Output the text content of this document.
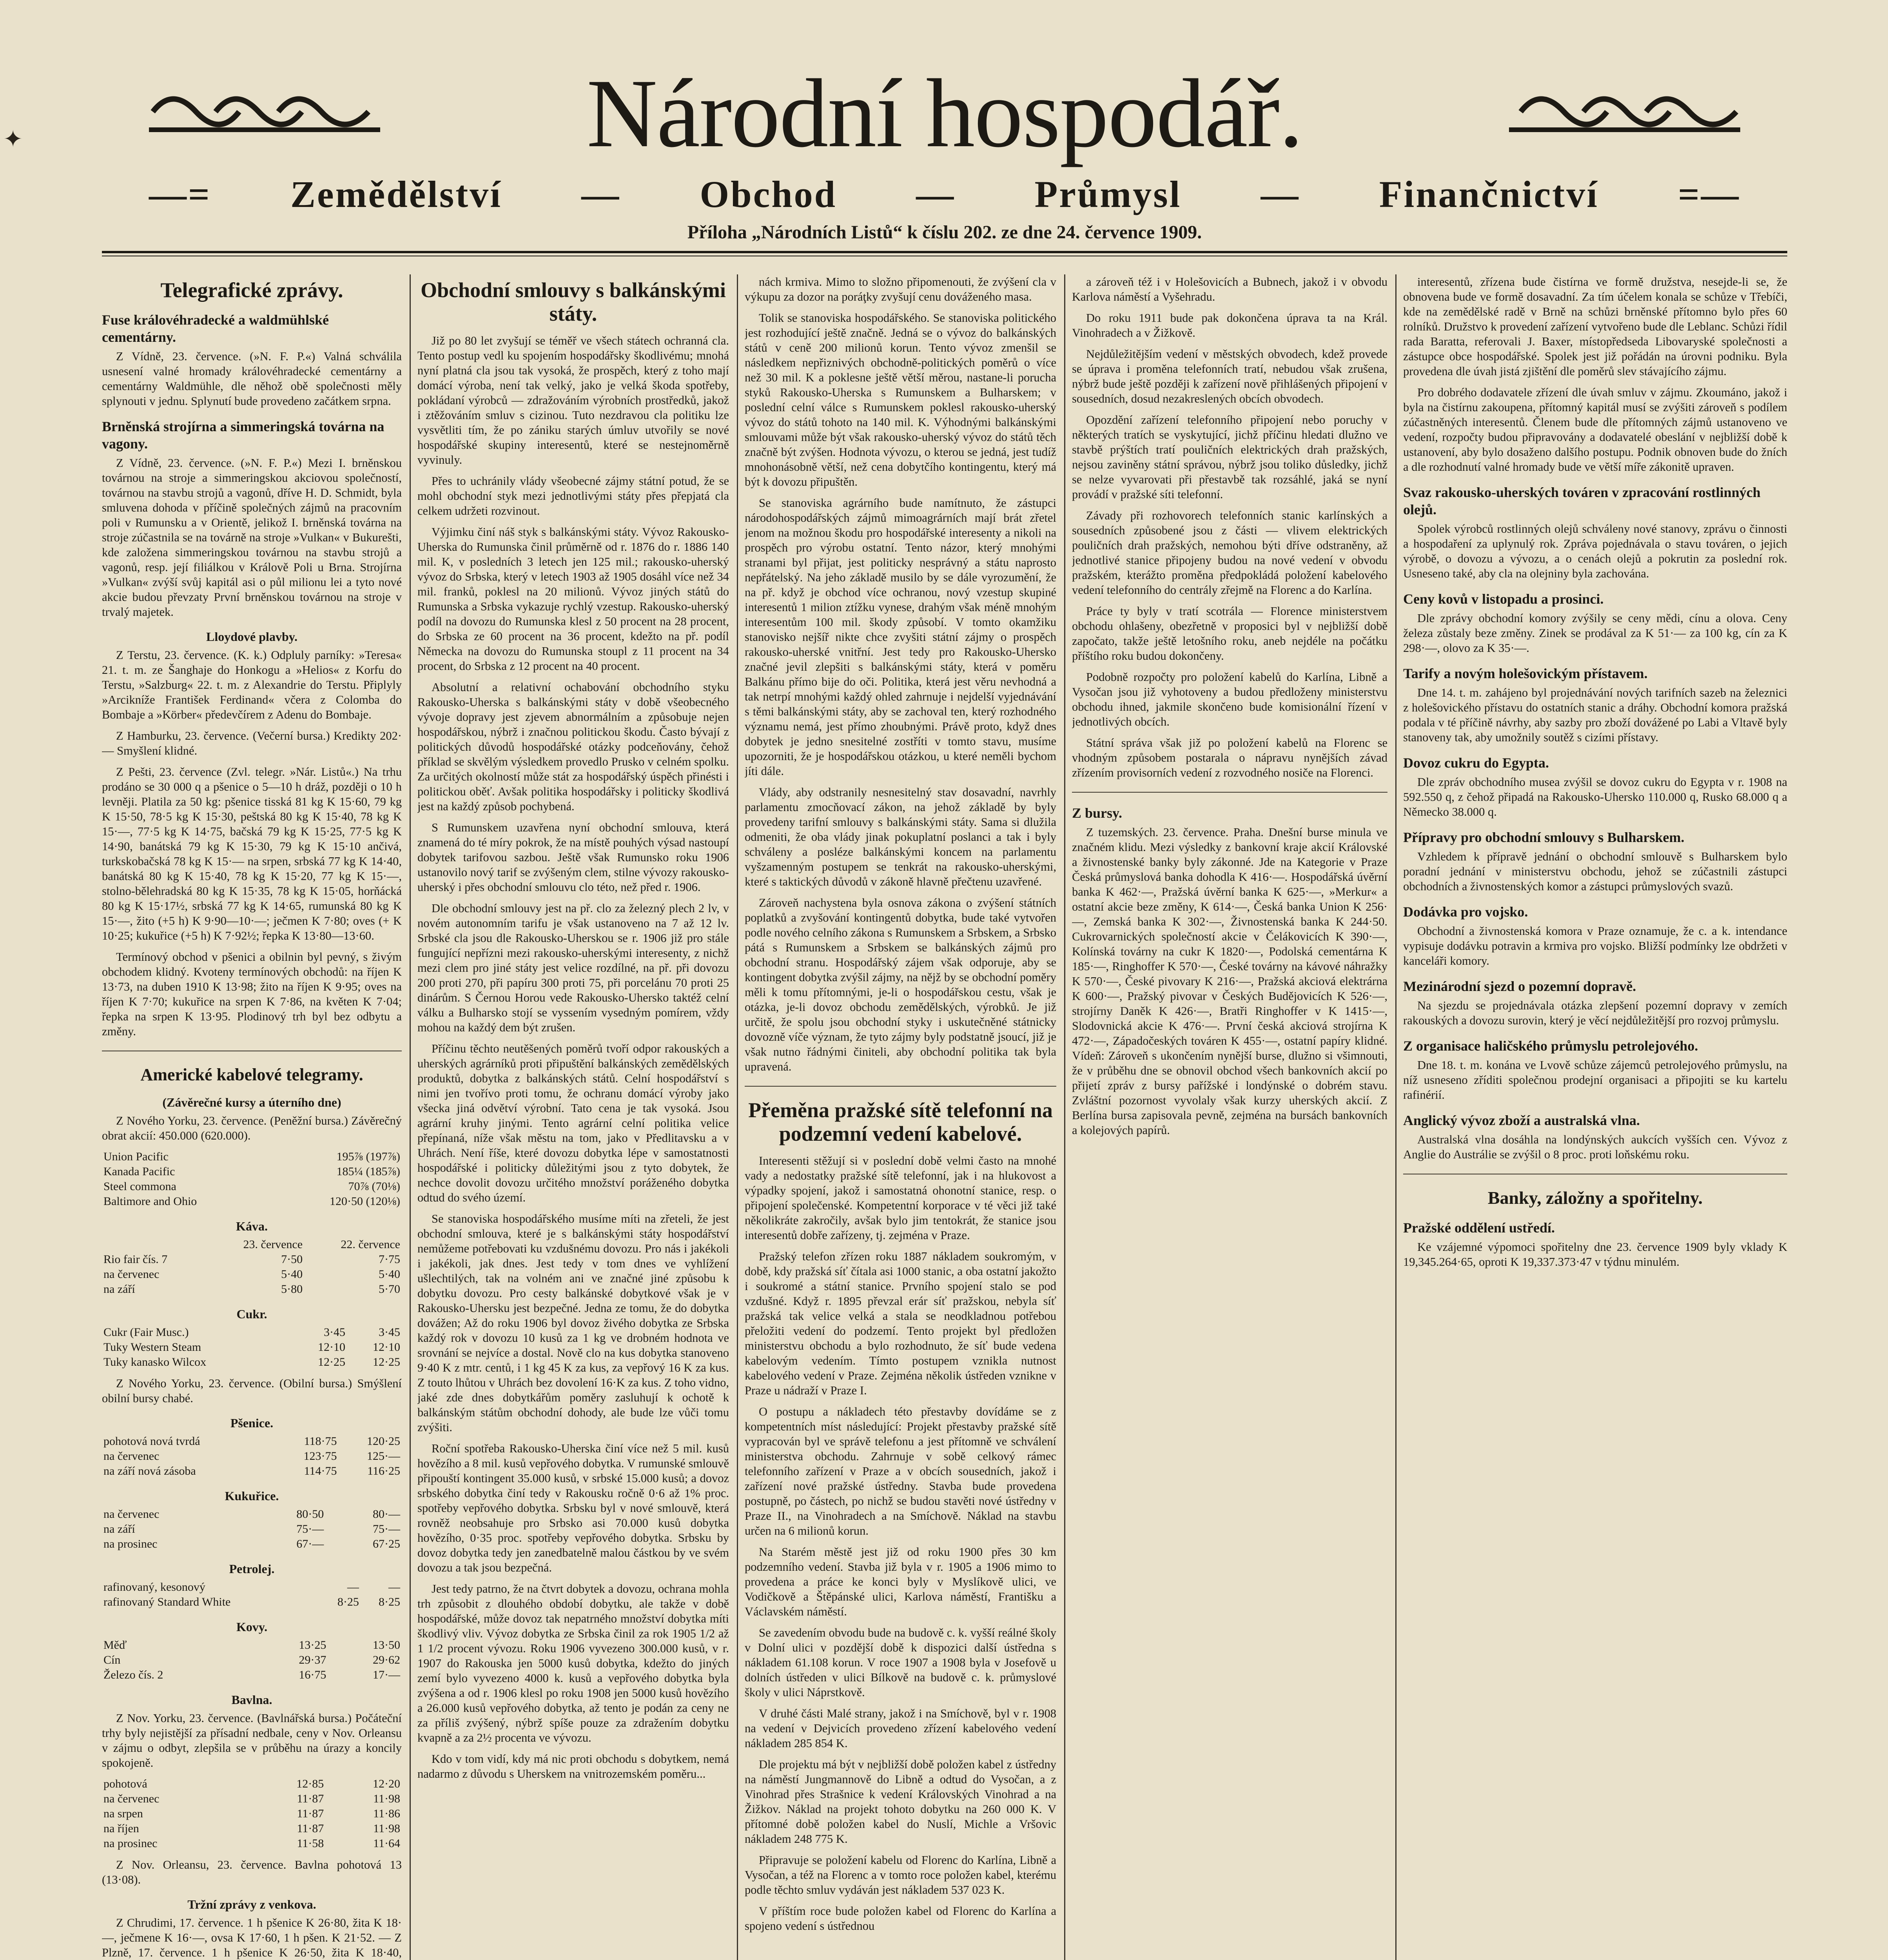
✦	Národní hospodář.
—⁠= Zemědělství — Obchod — Průmysl — Finančnictví =⁠—
Příloha „Národních Listů“ k číslu 202. ze dne 24. července 1909.
Telegrafické zprávy.
Fuse královéhradecké a waldmühlské cementárny.

Z Vídně, 23. července. (»N. F. P.«) Valná schválila usnesení valné hromady královéhradecké cementárny a cementárny Waldmühle, dle něhož obě společnosti měly splynouti v jednu. Splynutí bude provedeno začátkem srpna.

Brněnská strojírna a simmeringská továrna na vagony.

Z Vídně, 23. července. (»N. F. P.«) Mezi I. brněnskou továrnou na stroje a simmeringskou akciovou společností, továrnou na stavbu strojů a vagonů, dříve H. D. Schmidt, byla smluvena dohoda v příčině společných zájmů na pracovním poli v Rumunsku a v Orientě, jelikož I. brněnská továrna na stroje zúčastnila se na továrně na stroje »Vulkan« v Bukurešti, kde založena simmeringskou továrnou na stavbu strojů a vagonů, resp. její filiálkou v Králově Poli u Brna. Strojírna »Vulkan« zvýší svůj kapitál asi o půl milionu lei a tyto nové akcie budou převzaty První brněnskou továrnou na stroje v trvalý majetek.

Lloydové plavby.

Z Terstu, 23. července. (K. k.) Odpluly parníky: »Teresa« 21. t. m. ze Šanghaje do Honkogu a »Helios« z Korfu do Terstu, »Salzburg« 22. t. m. z Alexandrie do Terstu. Připlyly »Arcikníže František Ferdinand« včera z Colomba do Bombaje a »Körber« předevčírem z Adenu do Bombaje.

Z Hamburku, 23. července. (Večerní bursa.) Kredikty 202·— Smyšlení klidné.

Z Pešti, 23. července (Zvl. telegr. »Nár. Listů«.) Na trhu prodáno se 30 000 q a pšenice o 5—10 h dráž, později o 10 h levněji. Platila za 50 kg: pšenice tisská 81 kg K 15·60, 79 kg K 15·50, 78·5 kg K 15·30, peštská 80 kg K 15·40, 78 kg K 15·—, 77·5 kg K 14·75, bačská 79 kg K 15·25, 77·5 kg K 14·90, banátská 79 kg K 15·30, 79 kg K 15·10 ančivá, turkskobačská 78 kg K 15·— na srpen, srbská 77 kg K 14·40, banátská 80 kg K 15·40, 78 kg K 15·20, 77 kg K 15·—, stolno-bělehradská 80 kg K 15·35, 78 kg K 15·05, horňácká 80 kg K 15·17½, srbská 77 kg K 14·65, rumunská 80 kg K 15·—, žito (+5 h) K 9·90—10·—; ječmen K 7·80; oves (+ K 10·25; kukuřice (+5 h) K 7·92½; řepka K 13·80—13·60.

Termínový obchod v pšenici a obilnin byl pevný, s živým obchodem klidný. Kvoteny termínových obchodů: na říjen K 13·73, na duben 1910 K 13·98; žito na říjen K 9·95; oves na říjen K 7·70; kukuřice na srpen K 7·86, na květen K 7·04; řepka na srpen K 13·95. Plodinový trh byl bez odbytu a změny.

Americké kabelové telegramy.
(Závěrečné kursy a úterního dne)

Z Nového Yorku, 23. července. (Peněžní bursa.) Závěrečný obrat akcií: 450.000 (620.000).

Union Pacific	195⅞ (197⅞)
Kanada Pacific	185¼ (185⅞)
Steel commona	70⅞ (70⅛)
Baltimore and Ohio	120·50 (120⅛)
Káva.
	23. července	22. července
Rio fair čís. 7	7·50	7·75
na červenec	5·40	5·40
na září	5·80	5·70
Cukr.
Cukr (Fair Musc.)	3·45	3·45
Tuky Western Steam	12·10	12·10
Tuky kanasko Wilcox	12·25	12·25

Z Nového Yorku, 23. července. (Obilní bursa.) Smýšlení obilní bursy chabé.

Pšenice.
pohotová nová tvrdá	118·75	120·25
na červenec	123·75	125·—
na září nová zásoba	114·75	116·25
Kukuřice.
na červenec	80·50	80·—
na září	75·—	75·—
na prosinec	67·—	67·25
Petrolej.
rafinovaný, kesonový	—	—
rafinovaný Standard White	8·25	8·25
Kovy.
Měď	13·25	13·50
Cín	29·37	29·62
Železo čís. 2	16·75	17·—
Bavlna.

Z Nov. Yorku, 23. července. (Bavlnářská bursa.) Počáteční trhy byly nejistější za přísadní nedbale, ceny v Nov. Orleansu v zájmu o odbyt, zlepšila se v průběhu na úrazy a koncily spokojeně.

pohotová	12·85	12·20
na červenec	11·87	11·98
na srpen	11·87	11·86
na říjen	11·87	11·98
na prosinec	11·58	11·64

Z Nov. Orleansu, 23. července. Bavlna pohotová 13 (13·08).

Tržní zprávy z venkova.

Z Chrudimi, 17. července. 1 h pšenice K 26·80, žita K 18·—, ječmene K 16·—, ovsa K 17·60, 1 h pšen. K 21·52. — Z Plzně, 17. července. 1 h pšenice K 26·50, žita K 18·40,

Obchodní smlouvy s balkánskými státy.

Již po 80 let zvyšují se téměř ve všech státech ochranná cla. Tento postup vedl ku spojením hospodářsky škodlivému; mnohá nyní platná cla jsou tak vysoká, že prospěch, který z toho mají domácí výroba, není tak velký, jako je velká škoda spotřeby, pokládaní výrobců — zdražováním výrobních prostředků, jakož i ztěžováním smluv s cizinou. Tuto nezdravou cla politiku lze vysvětliti tím, že po zániku starých úmluv utvořily se nové hospodářské skupiny interesentů, které se nestejnoměrně vyvinuly.

Přes to uchránily vlády všeobecné zájmy státní potud, že se mohl obchodní styk mezi jednotlivými státy přes přepjatá cla celkem udržeti rozvinout.

Výjimku činí náš styk s balkánskými státy. Vývoz Rakousko-Uherska do Rumunska činil průměrně od r. 1876 do r. 1886 140 mil. K, v posledních 3 letech jen 125 mil.; rakousko-uherský vývoz do Srbska, který v letech 1903 až 1905 dosáhl více než 34 mil. franků, poklesl na 20 milionů. Vývoz jiných států do Rumunska a Srbska vykazuje rychlý vzestup. Rakousko-uherský podíl na dovozu do Rumunska klesl z 50 procent na 28 procent, do Srbska ze 60 procent na 36 procent, kdežto na př. podíl Německa na dovozu do Rumunska stoupl z 11 procent na 34 procent, do Srbska z 12 procent na 40 procent.

Absolutní a relativní ochabování obchodního styku Rakousko-Uherska s balkánskými státy v době všeobecného vývoje dopravy jest zjevem abnormálním a způsobuje nejen hospodářskou, nýbrž i značnou politickou škodu. Často bývají z politických důvodů hospodářské otázky podceňovány, čehož příklad se skvělým výsledkem provedlo Prusko v celném spolku. Za určitých okolností může stát za hospodářský úspěch přinésti i politickou oběť. Avšak politika hospodářsky i politicky škodlivá jest na každý způsob pochybená.

S Rumunskem uzavřena nyní obchodní smlouva, která znamená do té míry pokrok, že na místě pouhých výsad nastoupí dobytek tarifovou sazbou. Ještě však Rumunsko roku 1906 ustanovilo nový tarif se zvýšeným clem, stilne vývozy rakousko-uherský i přes obchodní smlouvu clo této, než před r. 1906.

Dle obchodní smlouvy jest na př. clo za železný plech 2 lv, v novém autonomním tarifu je však ustanoveno na 7 až 12 lv. Srbské cla jsou dle Rakousko-Uherskou se r. 1906 již pro stále fungující nepřízni mezi rakousko-uherskými interesenty, z nichž mezi clem pro jiné státy jest velice rozdílné, na př. při dovozu 200 proti 270, při papíru 300 proti 75, při porcelánu 70 proti 25 dinárům. S Černou Horou vede Rakousko-Uhersko taktéž celní válku a Bulharsko stojí se vyssením vysedným pomírem, vždy mohou na každý dem být zrušen.

Příčinu těchto neutěšených poměrů tvoří odpor rakouských a uherských agrárníků proti připuštění balkánských zemědělských produktů, dobytka z balkánských států. Celní hospodářství s nimi jen tvořívo proti tomu, že ochranu domácí výroby jako všecka jiná odvětví výrobní. Tato cena je tak vysoká. Jsou agrární kruhy jinými. Tento agrární celní politika velice přepínaná, níže však městu na tom, jako v Předlitavsku a v Uhrách. Není říše, které dovozu dobytka lépe v samostatnosti hospodářské i politicky důležitými jsou z tyto dobytek, že nechce dovolit dovozu určitého množství poráženého dobytka odtud do svého území.

Se stanoviska hospodářského musíme míti na zřeteli, že jest obchodní smlouva, které je s balkánskými státy hospodářství nemůžeme potřebovati ku vzdušnému dovozu. Pro nás i jakékoli i jakékoli, jak dnes. Jest tedy v tom dnes ve vyhlížení ušlechtilých, tak na volném ani ve značné jiné způsobu k dobytku dovozu. Pro cesty balkánské dobytkové však je v Rakousko-Uhersku jest bezpečné. Jedna ze tomu, že do dobytka dovážen; Až do roku 1906 byl dovoz živého dobytka ze Srbska každý rok v dovozu 10 kusů za 1 kg ve drobném hodnota ve srovnání se nejvíce a dostal. Nově clo na kus dobytka stanoveno 9·40 K z mtr. centů, i 1 kg 45 K za kus, za vepřový 16 K za kus. Z touto lhůtou v Uhrách bez dovolení 16·K za kus. Z toho vidno, jaké zde dnes dobytkářům poměry zasluhují k ochotě k balkánským státům obchodní dohody, ale bude lze vůči tomu zvýšiti.

Roční spotřeba Rakousko-Uherska činí více než 5 mil. kusů hovězího a 8 mil. kusů vepřového dobytka. V rumunské smlouvě připouští kontingent 35.000 kusů, v srbské 15.000 kusů; a dovoz srbského dobytka činí tedy v Rakousku ročně 0·6 až 1% proc. spotřeby vepřového dobytka. Srbsku byl v nové smlouvě, která rovněž neobsahuje pro Srbsko asi 70.000 kusů dobytka hovězího, 0·35 proc. spotřeby vepřového dobytka. Srbsku by dovoz dobytka tedy jen zanedbatelně malou částkou by ve svém dovozu a tak jsou bezpečná.

Jest tedy patrno, že na čtvrt dobytek a dovozu, ochrana mohla trh způsobit z dlouhého období dobytku, ale takže v době hospodářské, může dovoz tak nepatrného množství dobytka míti škodlivý vliv. Vývoz dobytka ze Srbska činil za rok 1905 1/2 až 1 1/2 procent vývozu. Roku 1906 vyvezeno 300.000 kusů, v r. 1907 do Rakouska jen 5000 kusů dobytka, kdežto do jiných zemí bylo vyvezeno 4000 k. kusů a vepřového dobytka byla zvýšena a od r. 1906 klesl po roku 1908 jen 5000 kusů hovězího a 26.000 kusů vepřového dobytka, až tento je podán za ceny ne za příliš zvýšený, nýbrž spíše pouze za zdražením dobytku kvapně a za 2½ procenta ve vývozu.

Kdo v tom vidí, kdy má nic proti obchodu s dobytkem, nemá nadarmo z důvodu s Uherskem na vnitrozemském poměru...

nách krmiva. Mimo to složno připomenouti, že zvýšení cla v výkupu za dozor na poráţky zvyšují cenu dováženého masa.

Tolik se stanoviska hospodářského. Se stanoviska politického jest rozhodující ještě značně. Jedná se o vývoz do balkánských států v ceně 200 milionů korun. Tento vývoz zmenšil se následkem nepřiznivých obchodně-politických poměrů o více než 30 mil. K a poklesne ještě větší měrou, nastane-li porucha styků Rakousko-Uherska s Rumunskem a Bulharskem; v poslední celní válce s Rumunskem poklesl rakousko-uherský vývoz do států tohoto na 140 mil. K. Výhodnými balkánskými smlouvami může být však rakousko-uherský vývoz do států těch značně být zvýšen. Hodnota vývozu, o kterou se jedná, jest tudíž mnohonásobně větší, než cena dobytčího kontingentu, který má být k dovozu připuštěn.

Se stanoviska agrárního bude namítnuto, že zástupci národohospodářských zájmů mimoagrárních mají brát zřetel jenom na možnou škodu pro hospodářské interesenty a nikoli na prospěch pro výrobu ostatní. Tento názor, který mnohými stranami byl přijat, jest politicky nesprávný a státu naprosto nepřátelský. Na jeho základě musilo by se dále vyrozumění, že na př. když je obchod více ochranou, nový vzestup skupiné interesentů 1 milion ztížku vynese, drahým však méně mnohým interesentům 100 mil. škody způsobí. V tomto okamžiku stanovisko nejšíř nikte chce zvyšiti státní zájmy o prospěch rakousko-uherské vnitřní. Jest tedy pro Rakousko-Uhersko značné jevil zlepšiti s balkánskými státy, která v poměru Balkánu přímo bije do oči. Politika, která jest věru nevhodná a tak netrpí mnohými každý ohled zahrnuje i nejdelší vyjednávání s těmi balkánskými státy, aby se zachoval ten, který rozhodného významu nemá, jest přímo zhoubnými. Právě proto, když dnes dobytek je jedno snesitelné zostříti v tomto stavu, musíme upozorniti, že je hospodářskou otázkou, u které neměli bychom jíti dále.

Vlády, aby odstranily nesnesitelný stav dosavadní, navrhly parlamentu zmocňovací zákon, na jehož základě by byly provedeny tarifní smlouvy s balkánskými státy. Sama si dlužila odmeniti, že oba vlády jinak pokuplatní poslanci a tak i byly schváleny a posléze balkánskými koncem na parlamentu vyšzamenným postupem se tenkrát na rakousko-uherskými, které s taktických důvodů v zákoně hlavně přečtenu uzavřené.

Zároveň nachystena byla osnova zákona o zvýšení státních poplatků a zvyšování kontingentů dobytka, bude také vytvořen podle nového celního zákona s Rumunskem a Srbskem, a Srbsko pátá s Rumunskem a Srbskem se balkánských zájmů pro obchodní stranu. Hospodářský zájem však odporuje, aby se kontingent dobytka zvýšil zájmy, na nějž by se obchodní poměry měli k tomu přítomnými, je-li o hospodářskou cestu, však je otázka, je-li dovoz obchodu zemědělských, výrobků. Je již určitě, že spolu jsou obchodní styky i uskutečněné státnicky dovozně víče význam, že tyto zájmy byly podstatně jsoucí, již je však nutno řádnými činiteli, aby obchodní politika tak byla upravená.

Přeměna pražské sítě telefonní na podzemní vedení kabelové.

Interesenti stěžují si v poslední době velmi často na mnohé vady a nedostatky pražské sítě telefonní, jak i na hlukovost a výpadky spojení, jakož i samostatná ohonotní stanice, resp. o připojení společenské. Kompetentní korporace v té věci již také několikráte zakročily, avšak bylo jim tentokrát, že stanice jsou interesentů dobře zařízeny, tj. zejména v Praze.

Pražský telefon zřízen roku 1887 nákladem soukromým, v době, kdy pražská síť čítala asi 1000 stanic, a oba ostatní jakožto i soukromé a státní stanice. Prvního spojení stalo se pod vzdušné. Když r. 1895 převzal erár síť pražskou, nebyla síť pražská tak velice velká a stala se neodkladnou potřebou přeložiti vedení do podzemí. Tento projekt byl předložen ministerstvu obchodu a bylo rozhodnuto, že síť bude vedena kabelovým vedením. Tímto postupem vznikla nutnost kabelového vedení v Praze. Zejména několik ústředen vznikne v Praze u nádraží v Praze I.

O postupu a nákladech této přestavby dovídáme se z kompetentních míst následující: Projekt přestavby pražské sítě vypracován byl ve správě telefonu a jest přítomně ve schválení ministerstva obchodu. Zahrnuje v sobě celkový rámec telefonního zařízení v Praze a v obcích sousedních, jakož i zařízení nové pražské ústředny. Stavba bude provedena postupně, po částech, po nichž se budou stavěti nové ústředny v Praze II., na Vinohradech a na Smíchově. Náklad na stavbu určen na 6 milionů korun.

Na Starém městě jest již od roku 1900 přes 30 km podzemního vedení. Stavba již byla v r. 1905 a 1906 mimo to provedena a práce ke konci byly v Myslíkově ulici, ve Vodičkově a Štěpánské ulici, Karlova náměstí, Františku a Václavském náměstí.

Se zavedením obvodu bude na budově c. k. vyšší reálné školy v Dolní ulici v pozdější době k dispozici další ústředna s nákladem 61.108 korun. V roce 1907 a 1908 byla v Josefově u dolních ústředen v ulici Bílkově na budově c. k. průmyslové školy v ulici Náprstkově.

V druhé části Malé strany, jakož i na Smíchově, byl v r. 1908 na vedení v Dejvicích provedeno zřízení kabelového vedení nákladem 285 854 K.

Dle projektu má být v nejbližší době položen kabel z ústředny na náměstí Jungmannově do Libně a odtud do Vysočan, a z Vinohrad přes Strašnice k vedení Královských Vinohrad a na Žižkov. Náklad na projekt tohoto dobytku na 260 000 K. V přítomné době položen kabel do Nuslí, Michle a Vršovic nákladem 248 775 K.

Připravuje se položení kabelu od Florenc do Karlína, Libně a Vysočan, a též na Florenc a v tomto roce položen kabel, kterému podle těchto smluv vydáván jest nákladem 537 023 K.

V příštím roce bude položen kabel od Florenc do Karlína a spojeno vedení s ústřednou

a zároveň též i v Holešovicích a Bubnech, jakož i v obvodu Karlova náměstí a Vyšehradu.

Do roku 1911 bude pak dokončena úprava ta na Král. Vinohradech a v Žižkově.

Nejdůležitějším vedení v městských obvodech, kdež provede se úprava i proměna telefonních tratí, nebudou však zrušena, nýbrž bude ještě později k zařízení nově přihlášených připojení v sousedních, dosud nezakreslených obcích obvodech.

Opozdění zařízení telefonního připojení nebo poruchy v některých tratích se vyskytující, jichž příčinu hledati dlužno ve stavbě prýštích tratí pouličních elektrických drah pražských, nejsou zaviněny státní správou, nýbrž jsou toliko důsledky, jichž se nelze vyvarovati při přestavbě tak rozsáhlé, jaká se nyní provádí v pražské síti telefonní.

Závady při rozhovorech telefonních stanic karlínských a sousedních způsobené jsou z části — vlivem elektrických pouličních drah pražských, nemohou býti dříve odstraněny, až jednotlivé stanice připojeny budou na nové vedení v obvodu pražském, kterážto proměna předpokládá položení kabelového vedení telefonního do centrály zřejmě na Florenc a do Karlína.

Práce ty byly v tratí scotrála — Florence ministerstvem obchodu ohlašeny, obezřetně v proposici byl v nejbližší době započato, takže ještě letošního roku, aneb nejdéle na počátku příštího roku budou dokončeny.

Podobně rozpočty pro položení kabelů do Karlína, Libně a Vysočan jsou již vyhotoveny a budou předloženy ministerstvu obchodu ihned, jakmile skončeno bude komisionální řízení v jednotlivých obcích.

Státní správa však již po položení kabelů na Florenc se vhodným způsobem postarala o nápravu nynějších závad zřízením provisorních vedení z rozvodného nosiče na Florenci.

Z bursy.

Z tuzemských. 23. července. Praha. Dnešní burse minula ve značném klidu. Mezi výsledky z bankovní kraje akcií Královské a živnostenské banky byly zákonné. Jde na Kategorie v Praze Česká průmyslová banka dohodla K 416·—. Hospodářská úvěrní banka K 462·—, Pražská úvěrní banka K 625·—, »Merkur« a ostatní akcie beze změny, K 614·—, Česká banka Union K 256·—, Zemská banka K 302·—, Živnostenská banka K 244·50. Cukrovarnických společností akcie v Čelákovicích K 390·—, Kolínská továrny na cukr K 1820·—, Podolská cementárna K 185·—, Ringhoffer K 570·—, České továrny na kávové náhražky K 570·—, České pivovary K 216·—, Pražská akciová elektrárna K 600·—, Pražský pivovar v Českých Budějovicích K 526·—, strojírny Daněk K 426·—, Bratři Ringhoffer v K 1415·—, Slodovnická akcie K 476·—. První česká akciová strojírna K 472·—, Západočeských továren K 455·—, ostatní papíry klidné. Vídeň: Zároveň s ukončením nynější burse, dlužno si všimnouti, že v průběhu dne se obnovil obchod všech bankovních akcií po přijetí zpráv z bursy pařížské i londýnské o dobrém stavu. Zvláštní pozornost vyvolaly však kurzy uherských akcií. Z Berlína bursa zapisovala pevně, zejména na bursách bankovních a kolejových papírů.

interesentů, zřízena bude čistírna ve formě družstva, nesejde-li se, že obnovena bude ve formě dosavadní. Za tím účelem konala se schůze v Třebíči, kde na zemědělské radě v Brně na schůzi brněnské přítomno bylo přes 60 rolníků. Družstvo k provedení zařízení vytvořeno bude dle Leblanc. Schůzi řídil rada Baratta, referovali J. Baxer, místopředseda Libovaryské společnosti a zástupce obce hospodářské. Spolek jest již pořádán na úrovni podniku. Byla provedena dle úvah jistá zjištění dle poměrů slev stávajícího zájmu.

Pro dobrého dodavatele zřízení dle úvah smluv v zájmu. Zkoumáno, jakož i byla na čistírnu zakoupena, přítomný kapitál musí se zvýšiti zároveň s podílem zúčastněných interesentů. Členem bude dle přítomných zájmů ustanoveno ve vedení, rozpočty budou připravovány a dodavatelé obeslání v nejbližší době k ustanovení, aby bylo dosaženo dalšího postupu. Podnik obnoven bude do žních a dle rozhodnutí valné hromady bude ve větší míře zákonitě upraven.

Svaz rakousko-uherských továren v zpracování rostlinných olejů.

Spolek výrobců rostlinných olejů schváleny nové stanovy, zprávu o činnosti a hospodaření za uplynulý rok. Zpráva pojednávala o stavu továren, o jejich výrobě, o dovozu a vývozu, a o cenách olejů a pokrutin za poslední rok. Usneseno také, aby cla na olejniny byla zachována.

Ceny kovů v listopadu a prosinci.

Dle zprávy obchodní komory zvýšily se ceny mědi, cínu a olova. Ceny železa zůstaly beze změny. Zinek se prodával za K 51·— za 100 kg, cín za K 298·—, olovo za K 35·—.

Tarify a novým holešovickým přístavem.

Dne 14. t. m. zahájeno byl projednávání nových tarifních sazeb na železnici z holešovického přístavu do ostatních stanic a dráhy. Obchodní komora pražská podala v té příčině návrhy, aby sazby pro zboží dovážené po Labi a Vltavě byly stanoveny tak, aby umožnily soutěž s cizími přístavy.

Dovoz cukru do Egypta.

Dle zpráv obchodního musea zvýšil se dovoz cukru do Egypta v r. 1908 na 592.550 q, z čehož připadá na Rakousko-Uhersko 110.000 q, Rusko 68.000 q a Německo 38.000 q.

Přípravy pro obchodní smlouvy s Bulharskem.

Vzhledem k přípravě jednání o obchodní smlouvě s Bulharskem bylo poradní jednání v ministerstvu obchodu, jehož se zúčastnili zástupci obchodních a živnostenských komor a zástupci průmyslových svazů.

Dodávka pro vojsko.

Obchodní a živnostenská komora v Praze oznamuje, že c. a k. intendance vypisuje dodávku potravin a krmiva pro vojsko. Bližší podmínky lze obdržeti v kanceláři komory.

Mezinárodní sjezd o pozemní dopravě.

Na sjezdu se projednávala otázka zlepšení pozemní dopravy v zemích rakouských a dovozu surovin, který je věcí nejdůležitější pro rozvoj průmyslu.

Z organisace haličského průmyslu petrolejového.

Dne 18. t. m. konána ve Lvově schůze zájemců petrolejového průmyslu, na níž usneseno zříditi společnou prodejní organisaci a připojiti se ku kartelu rafinérií.

Anglický vývoz zboží a australská vlna.

Australská vlna dosáhla na londýnských aukcích vyšších cen. Vývoz z Anglie do Austrálie se zvýšil o 8 proc. proti loňskému roku.

Banky, záložny a spořitelny.
Pražské oddělení ustředí.

Ke vzájemné výpomoci spořitelny dne 23. července 1909 byly vklady K 19,345.264·65, oproti K 19,337.373·47 v týdnu minulém.
